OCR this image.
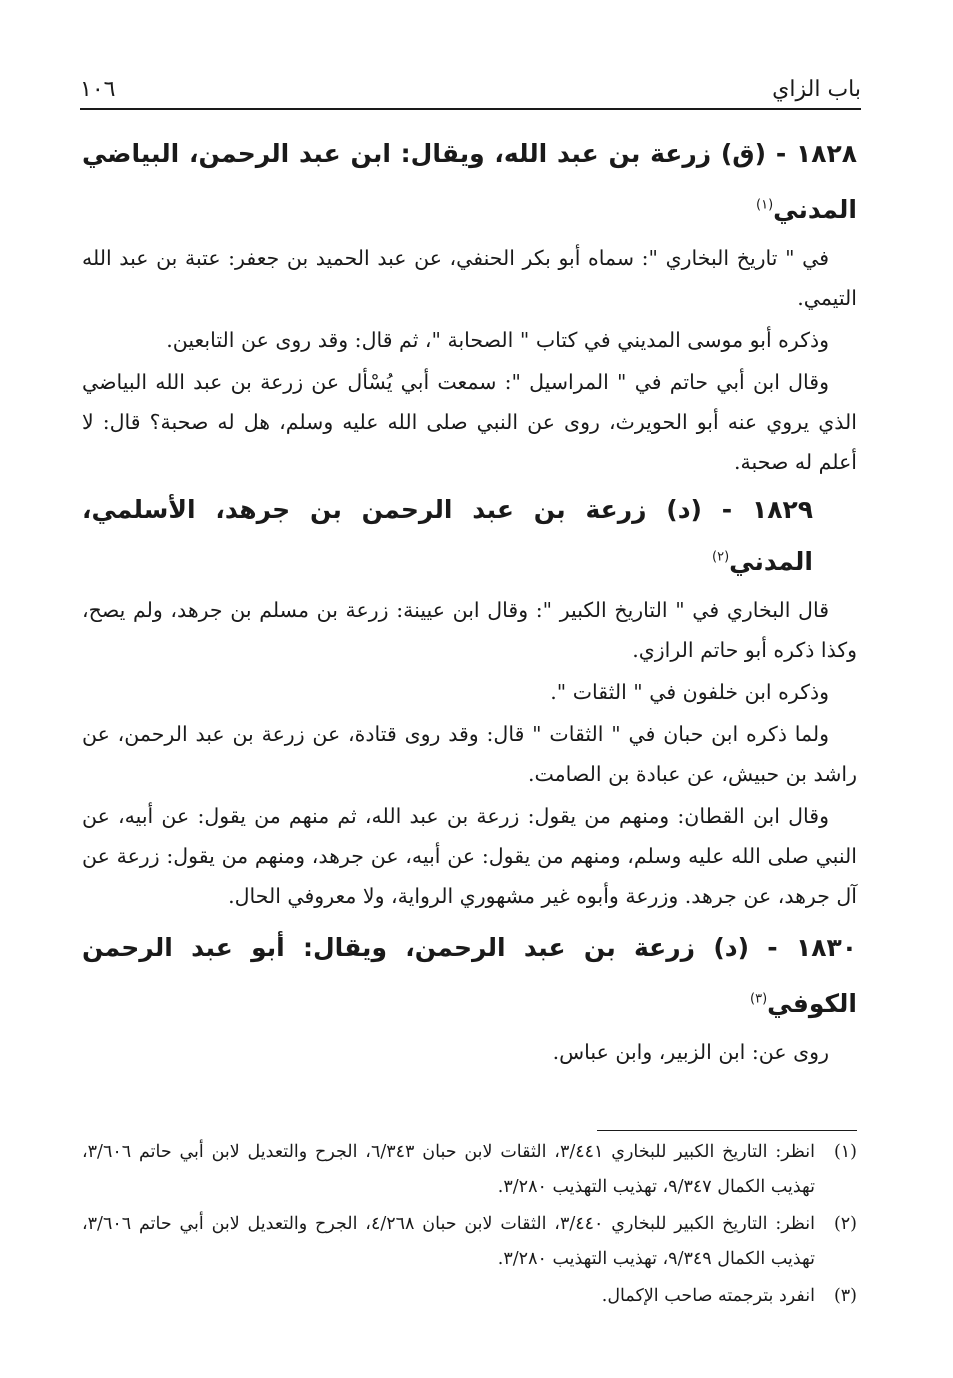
باب الزاي
١٠٦

١٨٢٨ - (ق) زرعة بن عبد الله، ويقال: ابن عبد الرحمن، البياضي المدني$^{(١)}$

في " تاريخ البخاري ": سماه أبو بكر الحنفي، عن عبد الحميد بن جعفر: عتبة بن عبد الله التيمي.

وذكره أبو موسى المديني في كتاب " الصحابة "، ثم قال: وقد روى عن التابعين.

وقال ابن أبي حاتم في " المراسيل ": سمعت أبي يُسْأل عن زرعة بن عبد الله البياضي الذي يروي عنه أبو الحويرث، روى عن النبي صلى الله عليه وسلم، هل له صحبة؟ قال: لا أعلم له صحبة.

١٨٢٩ - (د) زرعة بن عبد الرحمن بن جرهد، الأسلمي، المدني$^{(٢)}$

قال البخاري في " التاريخ الكبير ": وقال ابن عيينة: زرعة بن مسلم بن جرهد، ولم يصح، وكذا ذكره أبو حاتم الرازي.

وذكره ابن خلفون في " الثقات ".

ولما ذكره ابن حبان في " الثقات " قال: وقد روى قتادة، عن زرعة بن عبد الرحمن، عن راشد بن حبيش، عن عبادة بن الصامت.

وقال ابن القطان: ومنهم من يقول: زرعة بن عبد الله، ثم منهم من يقول: عن أبيه، عن النبي صلى الله عليه وسلم، ومنهم من يقول: عن أبيه، عن جرهد، ومنهم من يقول: زرعة عن آل جرهد، عن جرهد. وزرعة وأبوه غير مشهوري الرواية، ولا معروفي الحال.

١٨٣٠ - (د) زرعة بن عبد الرحمن، ويقال: أبو عبد الرحمن الكوفي$^{(٣)}$

روى عن: ابن الزبير، وابن عباس.

(١)انظر: التاريخ الكبير للبخاري ٣/٤٤١، الثقات لابن حبان ٦/٣٤٣، الجرح والتعديل لابن أبي حاتم ٣/٦٠٦، تهذيب الكمال ٩/٣٤٧، تهذيب التهذيب ٣/٢٨٠.

(٢)انظر: التاريخ الكبير للبخاري ٣/٤٤٠، الثقات لابن حبان ٤/٢٦٨، الجرح والتعديل لابن أبي حاتم ٣/٦٠٦، تهذيب الكمال ٩/٣٤٩، تهذيب التهذيب ٣/٢٨٠.

(٣)انفرد بترجمته صاحب الإكمال.
